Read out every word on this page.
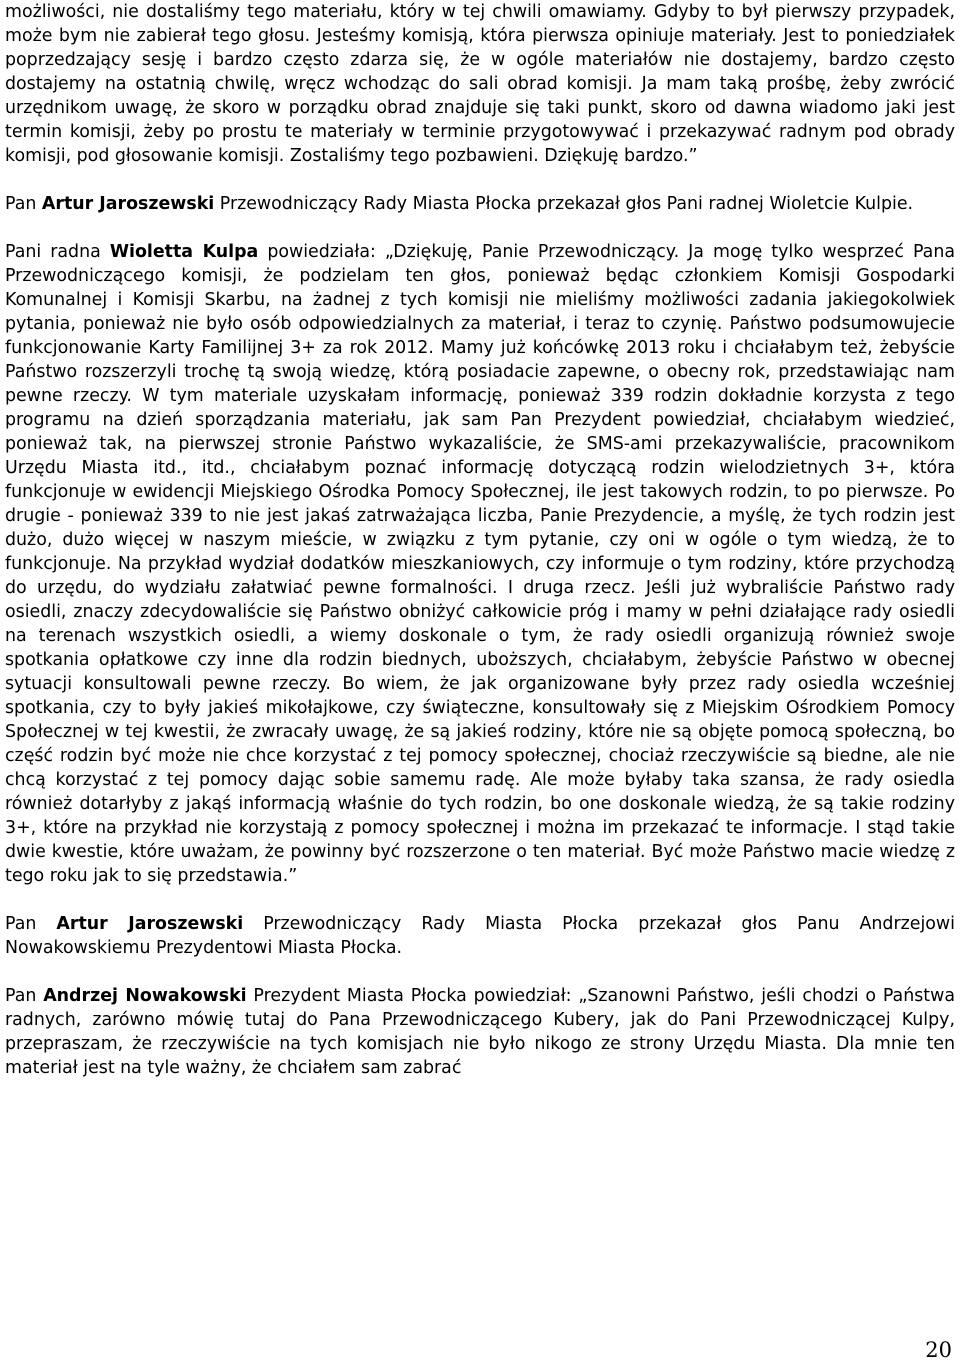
możliwości, nie dostaliśmy tego materiału, który w tej chwili omawiamy. Gdyby to był pierwszy przypadek, może bym nie zabierał tego głosu. Jesteśmy komisją, która pierwsza opiniuje materiały. Jest to poniedziałek poprzedzający sesję i bardzo często zdarza się, że w ogóle materiałów nie dostajemy, bardzo często dostajemy na ostatnią chwilę, wręcz wchodząc do sali obrad komisji. Ja mam taką prośbę, żeby zwrócić urzędnikom uwagę, że skoro w porządku obrad znajduje się taki punkt, skoro od dawna wiadomo jaki jest termin komisji, żeby po prostu te materiały w terminie przygotowywać i przekazywać radnym pod obrady komisji, pod głosowanie komisji. Zostaliśmy tego pozbawieni. Dziękuję bardzo.”

Pan Artur Jaroszewski Przewodniczący Rady Miasta Płocka przekazał głos Pani radnej Wioletcie Kulpie.

Pani radna Wioletta Kulpa powiedziała: „Dziękuję, Panie Przewodniczący. Ja mogę tylko wesprzeć Pana Przewodniczącego komisji, że podzielam ten głos, ponieważ będąc członkiem Komisji Gospodarki Komunalnej i Komisji Skarbu, na żadnej z tych komisji nie mieliśmy możliwości zadania jakiegokolwiek pytania, ponieważ nie było osób odpowiedzialnych za materiał, i teraz to czynię. Państwo podsumowujecie funkcjonowanie Karty Familijnej 3+ za rok 2012. Mamy już końcówkę 2013 roku i chciałabym też, żebyście Państwo rozszerzyli trochę tą swoją wiedzę, którą posiadacie zapewne, o obecny rok, przedstawiając nam pewne rzeczy. W tym materiale uzyskałam informację, ponieważ 339 rodzin dokładnie korzysta z tego programu na dzień sporządzania materiału, jak sam Pan Prezydent powiedział, chciałabym wiedzieć, ponieważ tak, na pierwszej stronie Państwo wykazaliście, że SMS-ami przekazywaliście, pracownikom Urzędu Miasta itd., itd., chciałabym poznać informację dotyczącą rodzin wielodzietnych 3+, która funkcjonuje w ewidencji Miejskiego Ośrodka Pomocy Społecznej, ile jest takowych rodzin, to po pierwsze. Po drugie - ponieważ 339 to nie jest jakaś zatrważająca liczba, Panie Prezydencie, a myślę, że tych rodzin jest dużo, dużo więcej w naszym mieście, w związku z tym pytanie, czy oni w ogóle o tym wiedzą, że to funkcjonuje. Na przykład wydział dodatków mieszkaniowych, czy informuje o tym rodziny, które przychodzą do urzędu, do wydziału załatwiać pewne formalności. I druga rzecz. Jeśli już wybraliście Państwo rady osiedli, znaczy zdecydowaliście się Państwo obniżyć całkowicie próg i mamy w pełni działające rady osiedli na terenach wszystkich osiedli, a wiemy doskonale o tym, że rady osiedli organizują również swoje spotkania opłatkowe czy inne dla rodzin biednych, uboższych, chciałabym, żebyście Państwo w obecnej sytuacji konsultowali pewne rzeczy. Bo wiem, że jak organizowane były przez rady osiedla wcześniej spotkania, czy to były jakieś mikołajkowe, czy świąteczne, konsultowały się z Miejskim Ośrodkiem Pomocy Społecznej w tej kwestii, że zwracały uwagę, że są jakieś rodziny, które nie są objęte pomocą społeczną, bo część rodzin być może nie chce korzystać z tej pomocy społecznej, chociaż rzeczywiście są biedne, ale nie chcą korzystać z tej pomocy dając sobie samemu radę. Ale może byłaby taka szansa, że rady osiedla również dotarłyby z jakąś informacją właśnie do tych rodzin, bo one doskonale wiedzą, że są takie rodziny 3+, które na przykład nie korzystają z pomocy społecznej i można im przekazać te informacje. I stąd takie dwie kwestie, które uważam, że powinny być rozszerzone o ten materiał. Być może Państwo macie wiedzę z tego roku jak to się przedstawia.”

Pan Artur Jaroszewski Przewodniczący Rady Miasta Płocka przekazał głos Panu Andrzejowi Nowakowskiemu Prezydentowi Miasta Płocka.

Pan Andrzej Nowakowski Prezydent Miasta Płocka powiedział: „Szanowni Państwo, jeśli chodzi o Państwa radnych, zarówno mówię tutaj do Pana Przewodniczącego Kubery, jak do Pani Przewodniczącej Kulpy, przepraszam, że rzeczywiście na tych komisjach nie było nikogo ze strony Urzędu Miasta. Dla mnie ten materiał jest na tyle ważny, że chciałem sam zabrać

20
